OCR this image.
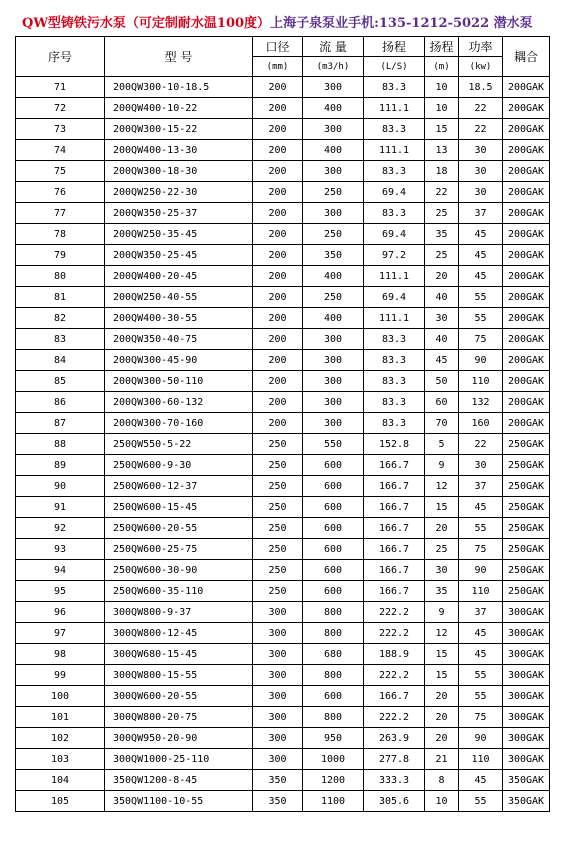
QW型铸铁污水泵（可定制耐水温100度）上海子泉泵业手机:135-1212-5022 潜水泵
序号	型 号	口径	流 量	扬程	扬程	功率	耦合
		(mm)	(m3/h)	(L/S)	(m)	(kw)	
71	200QW300-10-18.5	200	300	83.3	10	18.5	200GAK
72	200QW400-10-22	200	400	111.1	10	22	200GAK
73	200QW300-15-22	200	300	83.3	15	22	200GAK
74	200QW400-13-30	200	400	111.1	13	30	200GAK
75	200QW300-18-30	200	300	83.3	18	30	200GAK
76	200QW250-22-30	200	250	69.4	22	30	200GAK
77	200QW350-25-37	200	300	83.3	25	37	200GAK
78	200QW250-35-45	200	250	69.4	35	45	200GAK
79	200QW350-25-45	200	350	97.2	25	45	200GAK
80	200QW400-20-45	200	400	111.1	20	45	200GAK
81	200QW250-40-55	200	250	69.4	40	55	200GAK
82	200QW400-30-55	200	400	111.1	30	55	200GAK
83	200QW350-40-75	200	300	83.3	40	75	200GAK
84	200QW300-45-90	200	300	83.3	45	90	200GAK
85	200QW300-50-110	200	300	83.3	50	110	200GAK
86	200QW300-60-132	200	300	83.3	60	132	200GAK
87	200QW300-70-160	200	300	83.3	70	160	200GAK
88	250QW550-5-22	250	550	152.8	5	22	250GAK
89	250QW600-9-30	250	600	166.7	9	30	250GAK
90	250QW600-12-37	250	600	166.7	12	37	250GAK
91	250QW600-15-45	250	600	166.7	15	45	250GAK
92	250QW600-20-55	250	600	166.7	20	55	250GAK
93	250QW600-25-75	250	600	166.7	25	75	250GAK
94	250QW600-30-90	250	600	166.7	30	90	250GAK
95	250QW600-35-110	250	600	166.7	35	110	250GAK
96	300QW800-9-37	300	800	222.2	9	37	300GAK
97	300QW800-12-45	300	800	222.2	12	45	300GAK
98	300QW680-15-45	300	680	188.9	15	45	300GAK
99	300QW800-15-55	300	800	222.2	15	55	300GAK
100	300QW600-20-55	300	600	166.7	20	55	300GAK
101	300QW800-20-75	300	800	222.2	20	75	300GAK
102	300QW950-20-90	300	950	263.9	20	90	300GAK
103	300QW1000-25-110	300	1000	277.8	21	110	300GAK
104	350QW1200-8-45	350	1200	333.3	8	45	350GAK
105	350QW1100-10-55	350	1100	305.6	10	55	350GAK
